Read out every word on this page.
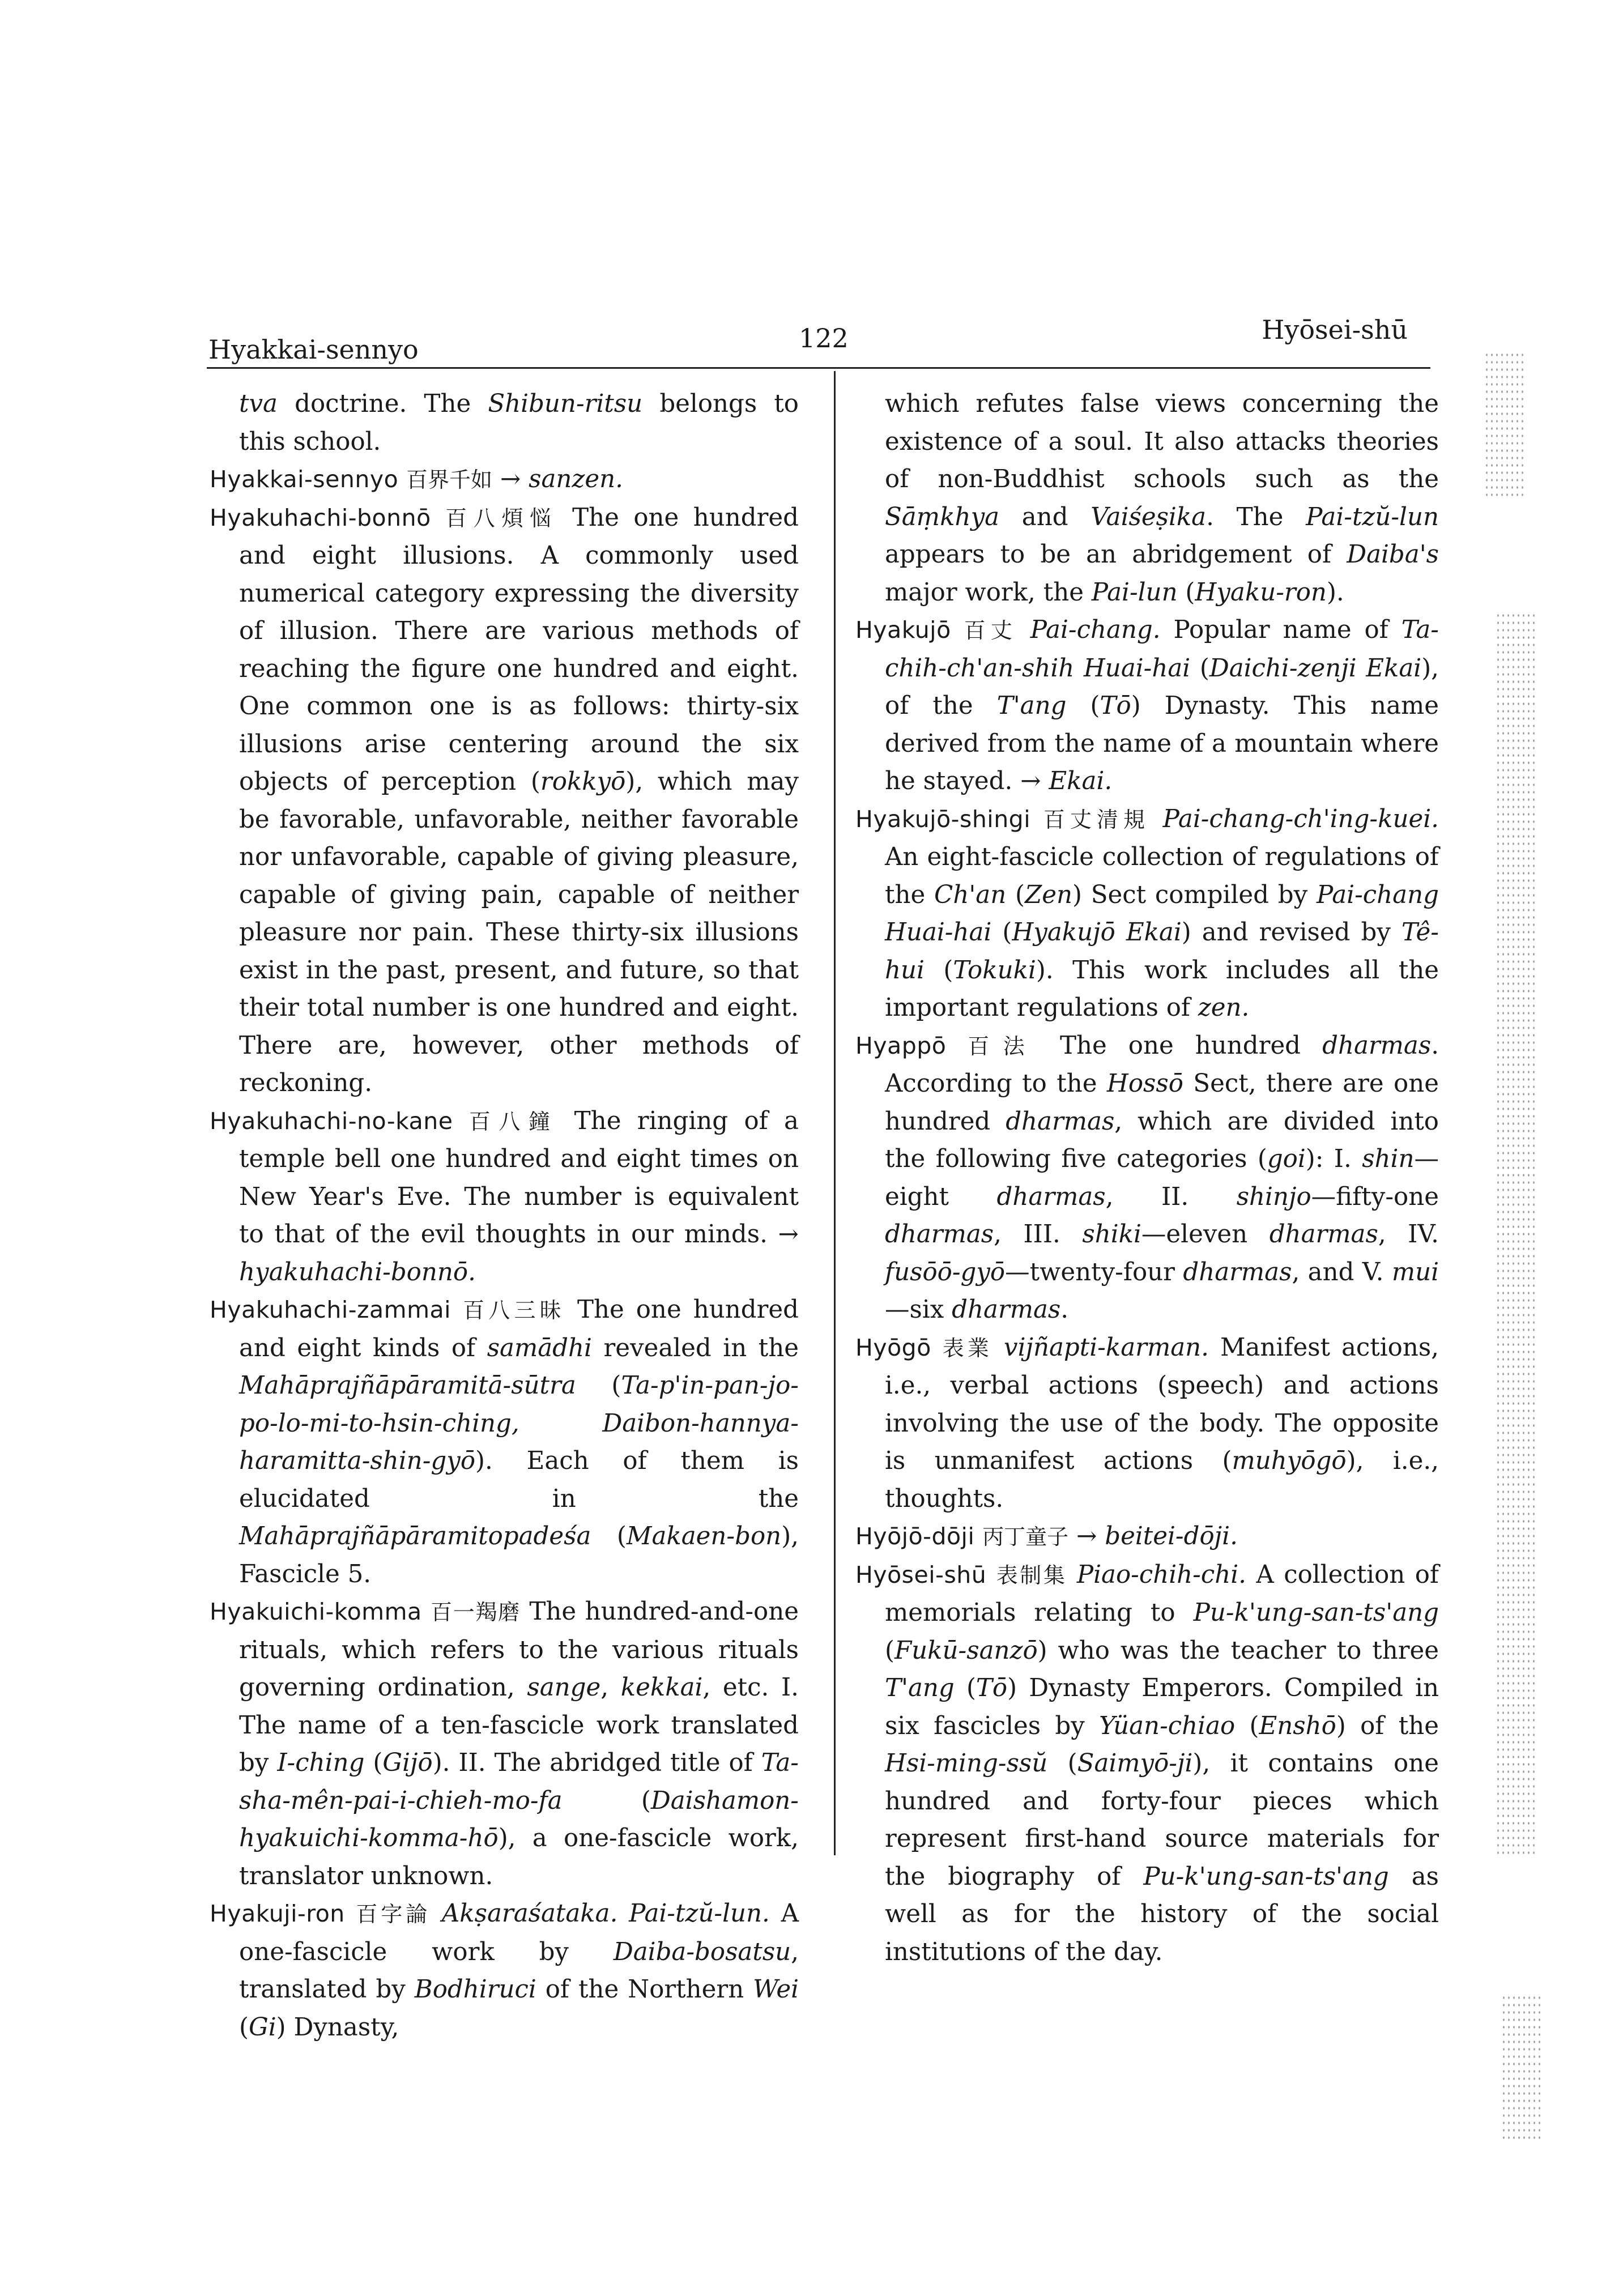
Hyakkai-sennyo	122	Hyōsei-shū
tva doctrine. The Shibun-ritsu belongs to this school.
Hyakkai-sennyo 百界千如 → sanzen.
Hyakuhachi-bonnō 百八煩悩 The one hundred and eight illusions. A commonly used numerical category expressing the diversity of illusion. There are various methods of reaching the figure one hundred and eight. One common one is as follows: thirty-six illusions arise centering around the six objects of perception (rokkyō), which may be favorable, unfavorable, neither favorable nor unfavorable, capable of giving pleasure, capable of giving pain, capable of neither pleasure nor pain. These thirty-six illusions exist in the past, present, and future, so that their total number is one hundred and eight. There are, however, other methods of reckoning.
Hyakuhachi-no-kane 百八鐘 The ringing of a temple bell one hundred and eight times on New Year's Eve. The number is equivalent to that of the evil thoughts in our minds. → hyakuhachi-bonnō.
Hyakuhachi-zammai 百八三昧 The one hundred and eight kinds of samādhi revealed in the Mahāprajñāpāramitā-sūtra (Ta-p'in-pan-jo-po-lo-mi-to-hsin-ching, Daibon-hannya-haramitta-shin-gyō). Each of them is elucidated in the Mahāprajñāpāramitopadeśa (Makaen-bon), Fascicle 5.
Hyakuichi-komma 百一羯磨 The hundred-and-one rituals, which refers to the various rituals governing ordination, sange, kekkai, etc. I. The name of a ten-fascicle work translated by I-ching (Gijō). II. The abridged title of Ta-sha-mên-pai-i-chieh-mo-fa (Daishamon-hyakuichi-komma-hō), a one-fascicle work, translator unknown.
Hyakuji-ron 百字論 Akṣaraśataka. Pai-tzŭ-lun. A one-fascicle work by Daiba-bosatsu, translated by Bodhiruci of the Northern Wei (Gi) Dynasty,
which refutes false views concerning the existence of a soul. It also attacks theories of non-Buddhist schools such as the Sāṃkhya and Vaiśeṣika. The Pai-tzŭ-lun appears to be an abridgement of Daiba's major work, the Pai-lun (Hyaku-ron).
Hyakujō 百丈 Pai-chang. Popular name of Ta-chih-ch'an-shih Huai-hai (Daichi-zenji Ekai), of the T'ang (Tō) Dynasty. This name derived from the name of a mountain where he stayed. → Ekai.
Hyakujō-shingi 百丈清規 Pai-chang-ch'ing-kuei. An eight-fascicle collection of regulations of the Ch'an (Zen) Sect compiled by Pai-chang Huai-hai (Hyakujō Ekai) and revised by Tê-hui (Tokuki). This work includes all the important regulations of zen.
Hyappō 百法 The one hundred dharmas. According to the Hossō Sect, there are one hundred dharmas, which are divided into the following five categories (goi): I. shin—eight dharmas, II. shinjo—fifty-one dharmas, III. shiki—eleven dharmas, IV. fusōō-gyō—twenty-four dharmas, and V. mui—six dharmas.
Hyōgō 表業 vijñapti-karman. Manifest actions, i.e., verbal actions (speech) and actions involving the use of the body. The opposite is unmanifest actions (muhyōgō), i.e., thoughts.
Hyōjō-dōji 丙丁童子 → beitei-dōji.
Hyōsei-shū 表制集 Piao-chih-chi. A collection of memorials relating to Pu-k'ung-san-ts'ang (Fukū-sanzō) who was the teacher to three T'ang (Tō) Dynasty Emperors. Compiled in six fascicles by Yüan-chiao (Enshō) of the Hsi-ming-ssŭ (Saimyō-ji), it contains one hundred and forty-four pieces which represent first-hand source materials for the biography of Pu-k'ung-san-ts'ang as well as for the history of the social institutions of the day.
